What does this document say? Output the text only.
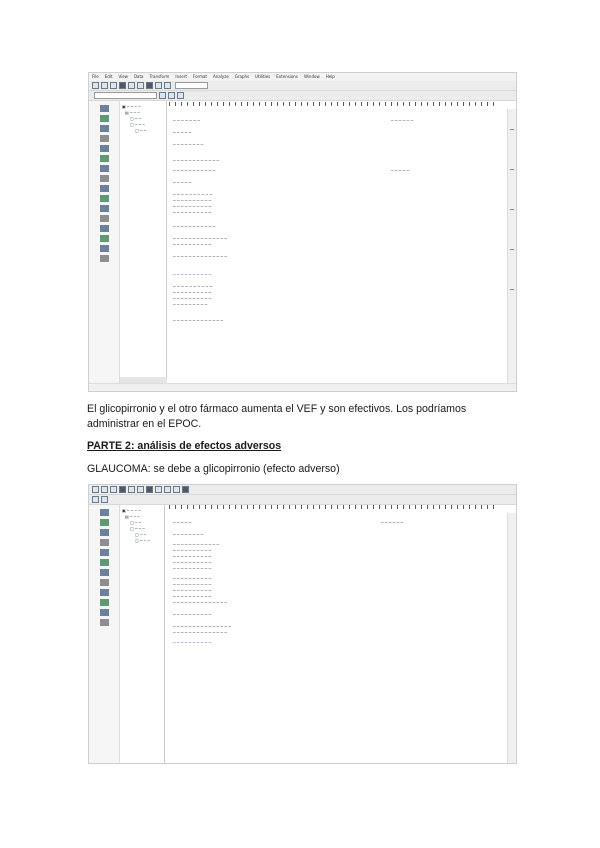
File Edit View Data Transform Insert Format Analyze Graphs Utilities Extensions Window Help
▣ ─ ─ ─ ─
▤ ─ ─ ─
▢ ─ ─
▢ ─ ─ ─
▢ ─ ─
─ ─ ─ ─ ─ ─ ─	─ ─ ─ ─ ─ ─
─ ─ ─ ─ ─
─ ─ ─ ─ ─ ─ ─ ─
─ ─ ─ ─ ─ ─ ─ ─ ─ ─ ─ ─
─ ─ ─ ─ ─ ─ ─ ─ ─ ─ ─	─ ─ ─ ─ ─
─ ─ ─ ─ ─
─ ─ ─ ─ ─ ─ ─ ─ ─ ─
─ ─ ─ ─ ─ ─ ─ ─ ─ ─
─ ─ ─ ─ ─ ─ ─ ─ ─ ─
─ ─ ─ ─ ─ ─ ─ ─ ─ ─
─ ─ ─ ─ ─ ─ ─ ─ ─ ─ ─
─ ─ ─ ─ ─ ─ ─ ─ ─ ─ ─ ─ ─ ─
─ ─ ─ ─ ─ ─ ─ ─ ─ ─
─ ─ ─ ─ ─ ─ ─ ─ ─ ─ ─ ─ ─ ─
─ ─ ─ ─ ─ ─ ─ ─ ─ ─
─ ─ ─ ─ ─ ─ ─ ─ ─ ─
─ ─ ─ ─ ─ ─ ─ ─ ─ ─
─ ─ ─ ─ ─ ─ ─ ─ ─ ─
─ ─ ─ ─ ─ ─ ─ ─ ─
─ ─ ─ ─ ─ ─ ─ ─ ─ ─ ─ ─ ─
El glicopirronio y el otro fármaco aumenta el VEF y son efectivos. Los podríamos administrar en el EPOC.
PARTE 2: análisis de efectos adversos
GLAUCOMA: se debe a glicopirronio (efecto adverso)
▣ ─ ─ ─ ─
▤ ─ ─ ─
▢ ─ ─
▢ ─ ─ ─
▢ ─ ─
▢ ─ ─ ─
─ ─ ─ ─ ─	─ ─ ─ ─ ─ ─
─ ─ ─ ─ ─ ─ ─ ─
─ ─ ─ ─ ─ ─ ─ ─ ─ ─ ─ ─
─ ─ ─ ─ ─ ─ ─ ─ ─ ─
─ ─ ─ ─ ─ ─ ─ ─ ─ ─
─ ─ ─ ─ ─ ─ ─ ─ ─ ─
─ ─ ─ ─ ─ ─ ─ ─ ─ ─
─ ─ ─ ─ ─ ─ ─ ─ ─ ─
─ ─ ─ ─ ─ ─ ─ ─ ─ ─
─ ─ ─ ─ ─ ─ ─ ─ ─ ─
─ ─ ─ ─ ─ ─ ─ ─ ─ ─
─ ─ ─ ─ ─ ─ ─ ─ ─ ─ ─ ─ ─ ─
─ ─ ─ ─ ─ ─ ─ ─ ─ ─
─ ─ ─ ─ ─ ─ ─ ─ ─ ─ ─ ─ ─ ─ ─
─ ─ ─ ─ ─ ─ ─ ─ ─ ─ ─ ─ ─ ─
─ ─ ─ ─ ─ ─ ─ ─ ─ ─
